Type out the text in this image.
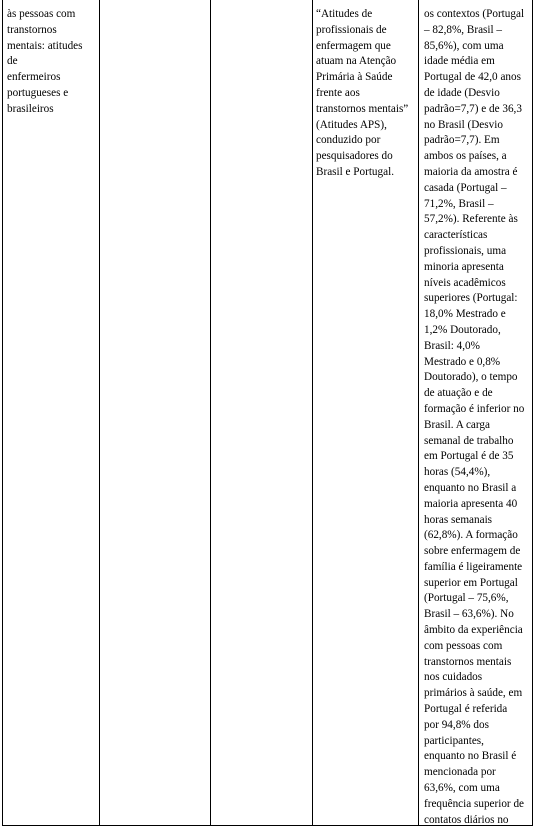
às pessoas com
transtornos
mentais: atitudes
de
enfermeiros
portugueses e
brasileiros
“Atitudes de
profissionais de
enfermagem que
atuam na Atenção
Primária à Saúde
frente aos
transtornos mentais”
(Atitudes APS),
conduzido por
pesquisadores do
Brasil e Portugal.
os contextos (Portugal
– 82,8%, Brasil –
85,6%), com uma
idade média em
Portugal de 42,0 anos
de idade (Desvio
padrão=7,7) e de 36,3
no Brasil (Desvio
padrão=7,7). Em
ambos os países, a
maioria da amostra é
casada (Portugal –
71,2%, Brasil –
57,2%). Referente às
características
profissionais, uma
minoria apresenta
níveis acadêmicos
superiores (Portugal:
18,0% Mestrado e
1,2% Doutorado,
Brasil: 4,0%
Mestrado e 0,8%
Doutorado), o tempo
de atuação e de
formação é inferior no
Brasil. A carga
semanal de trabalho
em Portugal é de 35
horas (54,4%),
enquanto no Brasil a
maioria apresenta 40
horas semanais
(62,8%). A formação
sobre enfermagem de
família é ligeiramente
superior em Portugal
(Portugal – 75,6%,
Brasil – 63,6%). No
âmbito da experiência
com pessoas com
transtornos mentais
nos cuidados
primários à saúde, em
Portugal é referida
por 94,8% dos
participantes,
enquanto no Brasil é
mencionada por
63,6%, com uma
frequência superior de
contatos diários no
